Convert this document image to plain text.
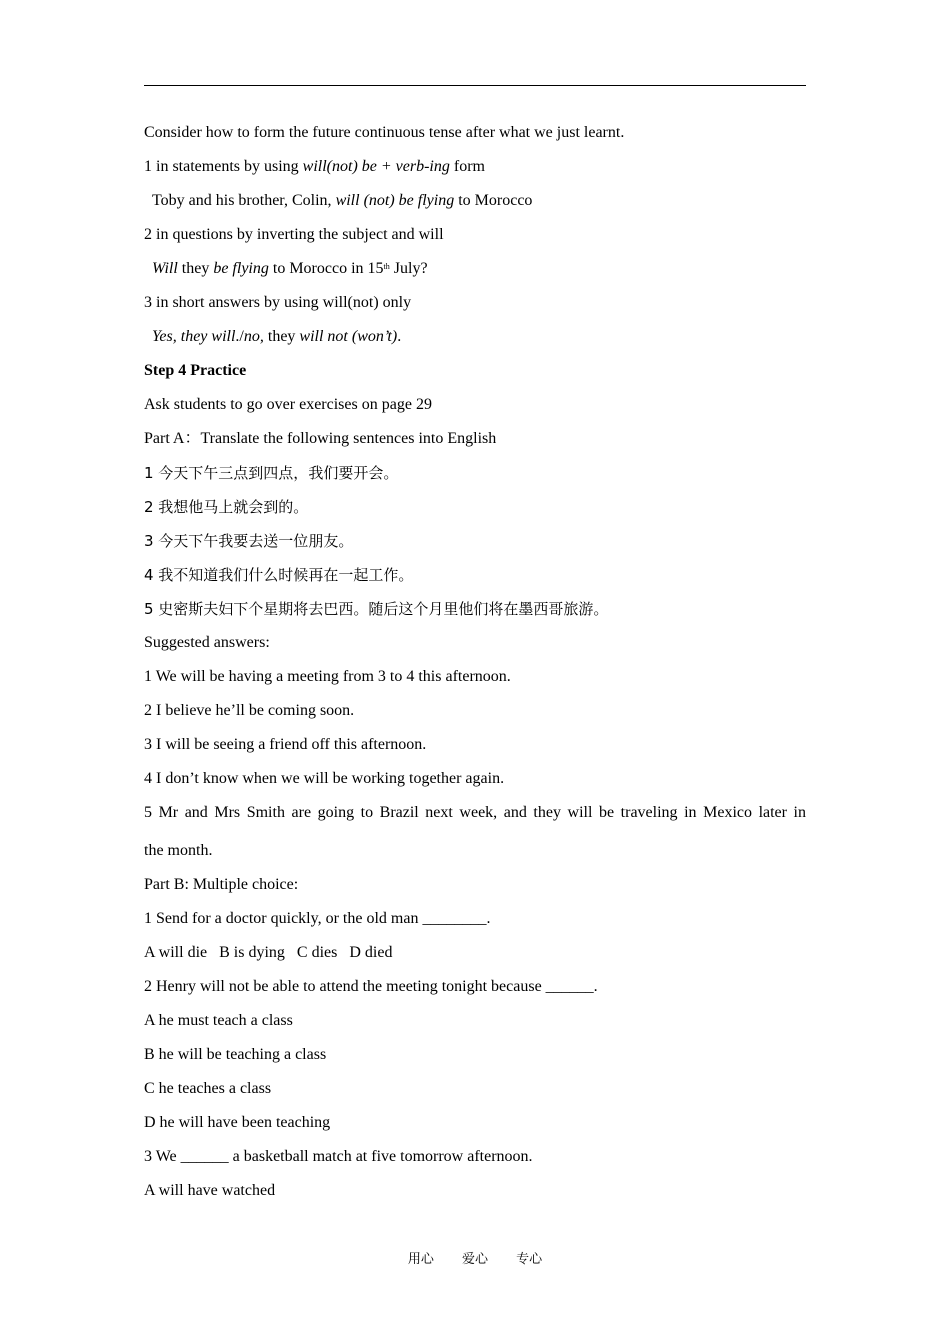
Consider how to form the future continuous tense after what we just learnt.
1 in statements by using will(not) be + verb-ing form
Toby and his brother, Colin, will (not) be flying to Morocco
2 in questions by inverting the subject and will
Will they be flying to Morocco in 15th July?
3 in short answers by using will(not) only
Yes, they will./no, they will not (won’t).
Step 4 Practice
Ask students to go over exercises on page 29
Part A：Translate the following sentences into English
1 今天下午三点到四点，我们要开会。
2 我想他马上就会到的。
3 今天下午我要去送一位朋友。
4 我不知道我们什么时候再在一起工作。
5 史密斯夫妇下个星期将去巴西。随后这个月里他们将在墨西哥旅游。
Suggested answers:
1 We will be having a meeting from 3 to 4 this afternoon.
2 I believe he’ll be coming soon.
3 I will be seeing a friend off this afternoon.
4 I don’t know when we will be working together again.
5 Mr and Mrs Smith are going to Brazil next week, and they will be traveling in Mexico later in
the month.
Part B: Multiple choice:
1 Send for a doctor quickly, or the old man ________.
A will die   B is dying   C dies   D died
2 Henry will not be able to attend the meeting tonight because ______.
A he must teach a class
B he will be teaching a class
C he teaches a class
D he will have been teaching
3 We ______ a basketball match at five tomorrow afternoon.
A will have watched
用心 爱心 专心
